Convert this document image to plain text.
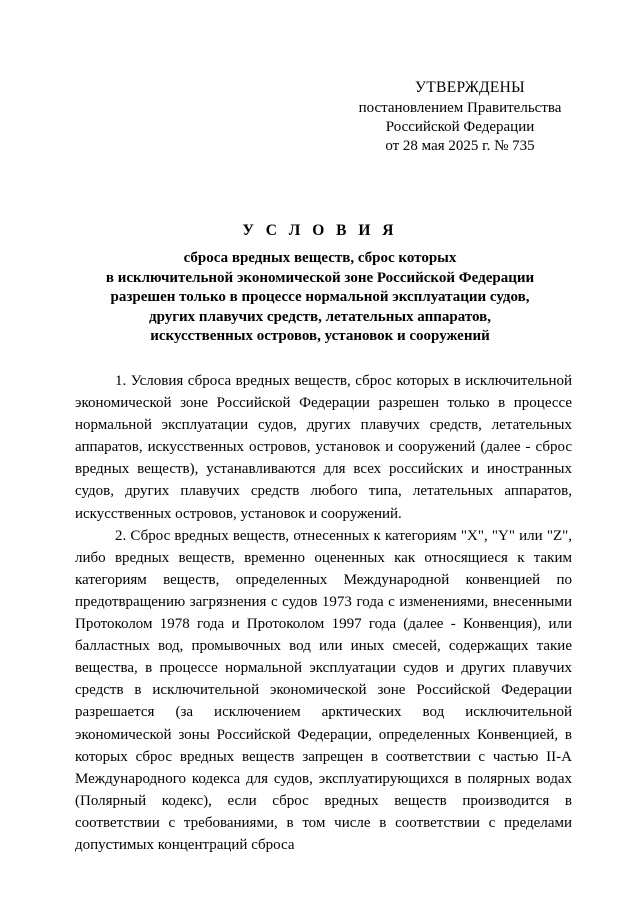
УТВЕРЖДЕНЫ
постановлением Правительства
Российской Федерации
от 28 мая 2025 г. № 735
У С Л О В И Я
сброса вредных веществ, сброс которых
в исключительной экономической зоне Российской Федерации
разрешен только в процессе нормальной эксплуатации судов,
других плавучих средств, летательных аппаратов,
искусственных островов, установок и сооружений

1. Условия сброса вредных веществ, сброс которых в исключительной экономической зоне Российской Федерации разрешен только в процессе нормальной эксплуатации судов, других плавучих средств, летательных аппаратов, искусственных островов, установок и сооружений (далее - сброс вредных веществ), устанавливаются для всех российских и иностранных судов, других плавучих средств любого типа, летательных аппаратов, искусственных островов, установок и сооружений.

2. Сброс вредных веществ, отнесенных к категориям "X", "Y" или "Z", либо вредных веществ, временно оцененных как относящиеся к таким категориям веществ, определенных Международной конвенцией по предотвращению загрязнения с судов 1973 года с изменениями, внесенными Протоколом 1978 года и Протоколом 1997 года (далее - Конвенция), или балластных вод, промывочных вод или иных смесей, содержащих такие вещества, в процессе нормальной эксплуатации судов и других плавучих средств в исключительной экономической зоне Российской Федерации разрешается (за исключением арктических вод исключительной экономической зоны Российской Федерации, определенных Конвенцией, в которых сброс вредных веществ запрещен в соответствии с частью II-A Международного кодекса для судов, эксплуатирующихся в полярных водах (Полярный кодекс), если сброс вредных веществ производится в соответствии с требованиями, в том числе в соответствии с пределами допустимых концентраций сброса
